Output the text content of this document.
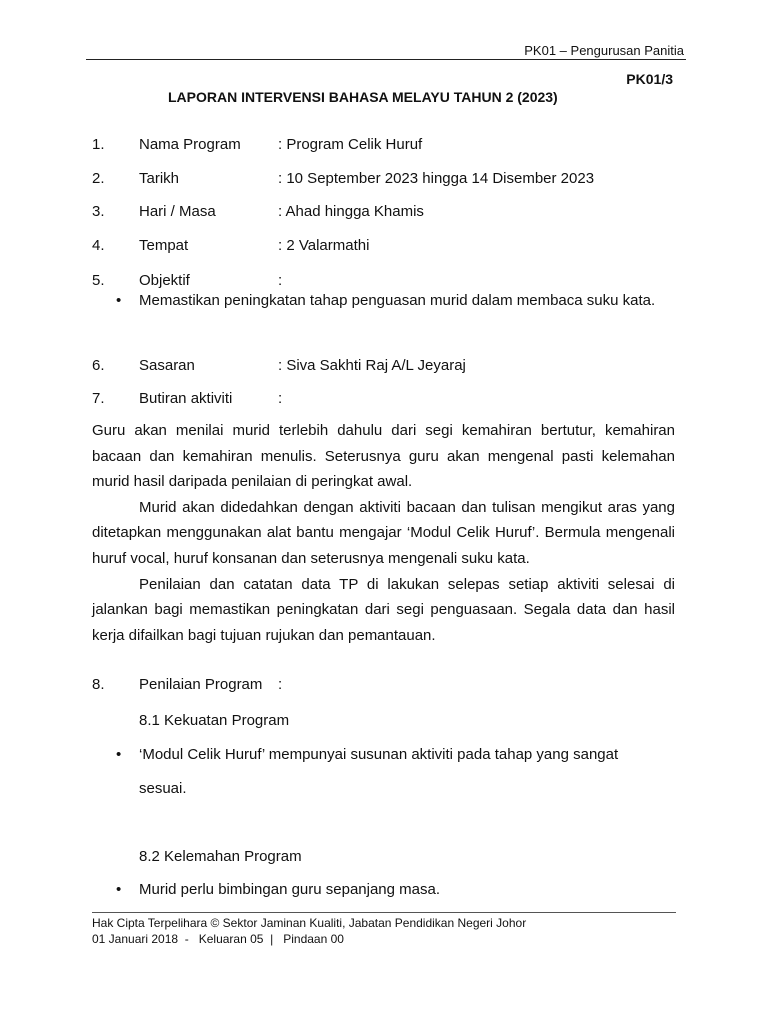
PK01 – Pengurusan Panitia
PK01/3
LAPORAN INTERVENSI BAHASA MELAYU TAHUN 2 (2023)
1. Nama Program : Program Celik Huruf
2. Tarikh	: 10 September 2023 hingga 14 Disember 2023
3. Hari / Masa	: Ahad hingga Khamis
4. Tempat	: 2 Valarmathi
5. Objektif	:
• Memastikan peningkatan tahap penguasan murid dalam membaca suku kata.
6. Sasaran	: Siva Sakhti Raj A/L Jeyaraj
7. Butiran aktiviti	:

Guru akan menilai murid terlebih dahulu dari segi kemahiran bertutur, kemahiran bacaan dan kemahiran menulis. Seterusnya guru akan mengenal pasti kelemahan murid hasil daripada penilaian di peringkat awal.

Murid akan didedahkan dengan aktiviti bacaan dan tulisan mengikut aras yang ditetapkan menggunakan alat bantu mengajar ‘Modul Celik Huruf’. Bermula mengenali huruf vocal, huruf konsanan dan seterusnya mengenali suku kata.

Penilaian dan catatan data TP di lakukan selepas setiap aktiviti selesai di jalankan bagi memastikan peningkatan dari segi penguasaan. Segala data dan hasil kerja difailkan bagi tujuan rujukan dan pemantauan.

8. Penilaian Program :
8.1 Kekuatan Program
• ‘Modul Celik Huruf’ mempunyai susunan aktiviti pada tahap yang sangat
sesuai.
8.2 Kelemahan Program
• Murid perlu bimbingan guru sepanjang masa.
Hak Cipta Terpelihara © Sektor Jaminan Kualiti, Jabatan Pendidikan Negeri Johor
01 Januari 2018  -   Keluaran 05  |   Pindaan 00
